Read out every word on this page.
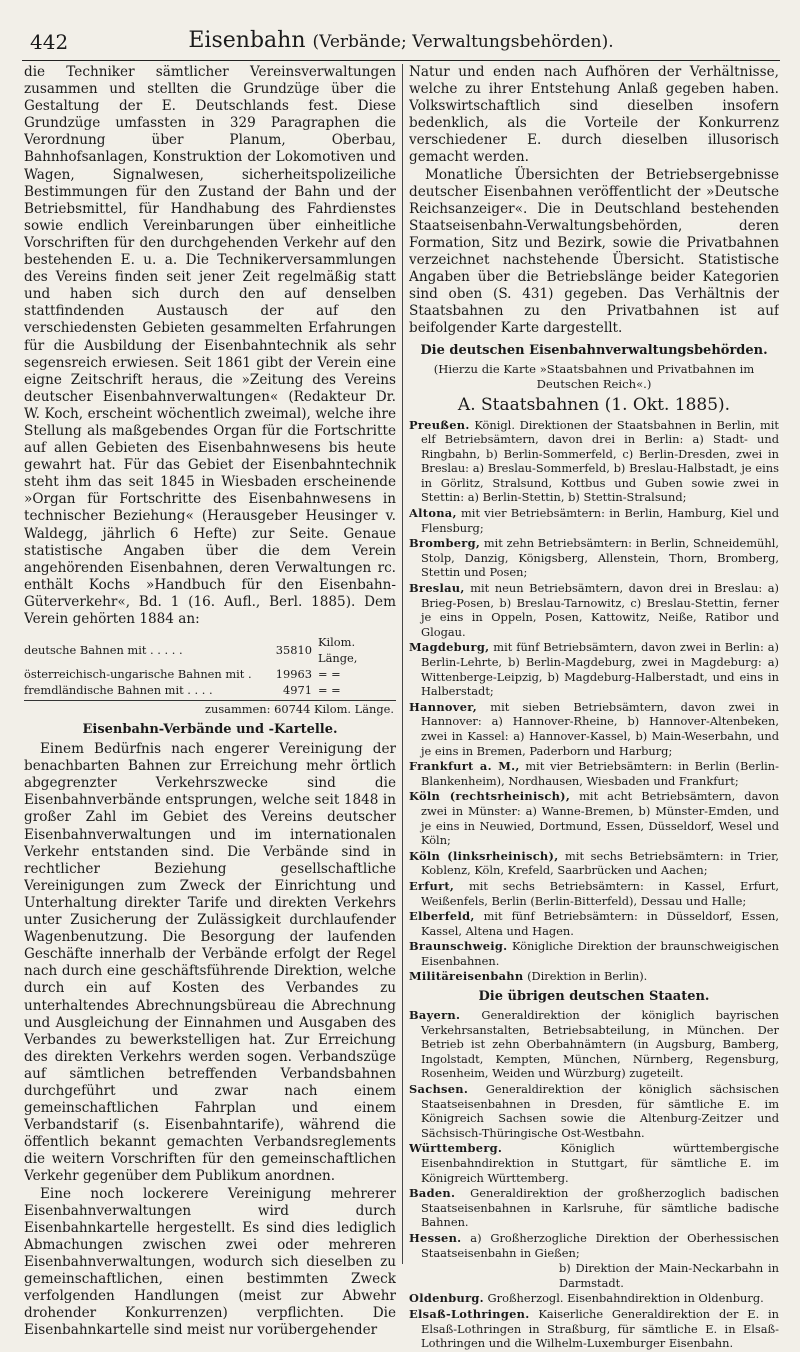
442	Eisenbahn (Verbände; Verwaltungsbehörden).

die Techniker sämtlicher Vereinsverwaltungen zusammen und stellten die Grundzüge über die Gestaltung der E. Deutschlands fest. Diese Grundzüge umfassten in 329 Paragraphen die Verordnung über Planum, Oberbau, Bahnhofsanlagen, Konstruktion der Lokomotiven und Wagen, Signalwesen, sicherheitspolizeiliche Bestimmungen für den Zustand der Bahn und der Betriebsmittel, für Handhabung des Fahrdienstes sowie endlich Vereinbarungen über einheitliche Vorschriften für den durchgehenden Verkehr auf den bestehenden E. u. a. Die Technikerversammlungen des Vereins finden seit jener Zeit regelmäßig statt und haben sich durch den auf denselben stattfindenden Austausch der auf den verschiedensten Gebieten gesammelten Erfahrungen für die Ausbildung der Eisenbahntechnik als sehr segensreich erwiesen. Seit 1861 gibt der Verein eine eigne Zeitschrift heraus, die »Zeitung des Vereins deutscher Eisenbahnverwaltungen« (Redakteur Dr. W. Koch, erscheint wöchentlich zweimal), welche ihre Stellung als maßgebendes Organ für die Fortschritte auf allen Gebieten des Eisenbahnwesens bis heute gewahrt hat. Für das Gebiet der Eisenbahntechnik steht ihm das seit 1845 in Wiesbaden erscheinende »Organ für Fortschritte des Eisenbahnwesens in technischer Beziehung« (Herausgeber Heusinger v. Waldegg, jährlich 6 Hefte) zur Seite. Genaue statistische Angaben über die dem Verein angehörenden Eisenbahnen, deren Verwaltungen rc. enthält Kochs »Handbuch für den Eisenbahn-Güterverkehr«, Bd. 1 (16. Aufl., Berl. 1885). Dem Verein gehörten 1884 an:

deutsche Bahnen mit . . . . .	35810	Kilom. Länge,
österreichisch-ungarische Bahnen mit .	19963	= =
fremdländische Bahnen mit . . . .	4971	= =
zusammen: 60744 Kilom. Länge.
Eisenbahn-Verbände und -Kartelle.

Einem Bedürfnis nach engerer Vereinigung der benachbarten Bahnen zur Erreichung mehr örtlich abgegrenzter Verkehrszwecke sind die Eisenbahnverbände entsprungen, welche seit 1848 in großer Zahl im Gebiet des Vereins deutscher Eisenbahnverwaltungen und im internationalen Verkehr entstanden sind. Die Verbände sind in rechtlicher Beziehung gesellschaftliche Vereinigungen zum Zweck der Einrichtung und Unterhaltung direkter Tarife und direkten Verkehrs unter Zusicherung der Zulässigkeit durchlaufender Wagenbenutzung. Die Besorgung der laufenden Geschäfte innerhalb der Verbände erfolgt der Regel nach durch eine geschäftsführende Direktion, welche durch ein auf Kosten des Verbandes zu unterhaltendes Abrechnungsbüreau die Abrechnung und Ausgleichung der Einnahmen und Ausgaben des Verbandes zu bewerkstelligen hat. Zur Erreichung des direkten Verkehrs werden sogen. Verbandszüge auf sämtlichen betreffenden Verbandsbahnen durchgeführt und zwar nach einem gemeinschaftlichen Fahrplan und einem Verbandstarif (s. Eisenbahntarife), während die öffentlich bekannt gemachten Verbandsreglements die weitern Vorschriften für den gemeinschaftlichen Verkehr gegenüber dem Publikum anordnen.

Eine noch lockerere Vereinigung mehrerer Eisenbahnverwaltungen wird durch Eisenbahnkartelle hergestellt. Es sind dies lediglich Abmachungen zwischen zwei oder mehreren Eisenbahnverwaltungen, wodurch sich dieselben zu gemeinschaftlichen, einen bestimmten Zweck verfolgenden Handlungen (meist zur Abwehr drohender Konkurrenzen) verpflichten. Die Eisenbahnkartelle sind meist nur vorübergehender

Natur und enden nach Aufhören der Verhältnisse, welche zu ihrer Entstehung Anlaß gegeben haben. Volkswirtschaftlich sind dieselben insofern bedenklich, als die Vorteile der Konkurrenz verschiedener E. durch dieselben illusorisch gemacht werden.

Monatliche Übersichten der Betriebsergebnisse deutscher Eisenbahnen veröffentlicht der »Deutsche Reichsanzeiger«. Die in Deutschland bestehenden Staatseisenbahn-Verwaltungsbehörden, deren Formation, Sitz und Bezirk, sowie die Privatbahnen verzeichnet nachstehende Übersicht. Statistische Angaben über die Betriebslänge beider Kategorien sind oben (S. 431) gegeben. Das Verhältnis der Staatsbahnen zu den Privatbahnen ist auf beifolgender Karte dargestellt.

Die deutschen Eisenbahnverwaltungsbehörden.
(Hierzu die Karte »Staatsbahnen und Privatbahnen im Deutschen Reich«.)
A. Staatsbahnen (1. Okt. 1885).

Preußen. Königl. Direktionen der Staatsbahnen in Berlin, mit elf Betriebsämtern, davon drei in Berlin: a) Stadt- und Ringbahn, b) Berlin-Sommerfeld, c) Berlin-Dresden, zwei in Breslau: a) Breslau-Sommerfeld, b) Breslau-Halbstadt, je eins in Görlitz, Stralsund, Kottbus und Guben sowie zwei in Stettin: a) Berlin-Stettin, b) Stettin-Stralsund;

Altona, mit vier Betriebsämtern: in Berlin, Hamburg, Kiel und Flensburg;

Bromberg, mit zehn Betriebsämtern: in Berlin, Schneidemühl, Stolp, Danzig, Königsberg, Allenstein, Thorn, Bromberg, Stettin und Posen;

Breslau, mit neun Betriebsämtern, davon drei in Breslau: a) Brieg-Posen, b) Breslau-Tarnowitz, c) Breslau-Stettin, ferner je eins in Oppeln, Posen, Kattowitz, Neiße, Ratibor und Glogau.

Magdeburg, mit fünf Betriebsämtern, davon zwei in Berlin: a) Berlin-Lehrte, b) Berlin-Magdeburg, zwei in Magdeburg: a) Wittenberge-Leipzig, b) Magdeburg-Halberstadt, und eins in Halberstadt;

Hannover, mit sieben Betriebsämtern, davon zwei in Hannover: a) Hannover-Rheine, b) Hannover-Altenbeken, zwei in Kassel: a) Hannover-Kassel, b) Main-Weserbahn, und je eins in Bremen, Paderborn und Harburg;

Frankfurt a. M., mit vier Betriebsämtern: in Berlin (Berlin-Blankenheim), Nordhausen, Wiesbaden und Frankfurt;

Köln (rechtsrheinisch), mit acht Betriebsämtern, davon zwei in Münster: a) Wanne-Bremen, b) Münster-Emden, und je eins in Neuwied, Dortmund, Essen, Düsseldorf, Wesel und Köln;

Köln (linksrheinisch), mit sechs Betriebsämtern: in Trier, Koblenz, Köln, Krefeld, Saarbrücken und Aachen;

Erfurt, mit sechs Betriebsämtern: in Kassel, Erfurt, Weißenfels, Berlin (Berlin-Bitterfeld), Dessau und Halle;

Elberfeld, mit fünf Betriebsämtern: in Düsseldorf, Essen, Kassel, Altena und Hagen.

Braunschweig. Königliche Direktion der braunschweigischen Eisenbahnen.

Militäreisenbahn (Direktion in Berlin).

Die übrigen deutschen Staaten.

Bayern. Generaldirektion der königlich bayrischen Verkehrsanstalten, Betriebsabteilung, in München. Der Betrieb ist zehn Oberbahnämtern (in Augsburg, Bamberg, Ingolstadt, Kempten, München, Nürnberg, Regensburg, Rosenheim, Weiden und Würzburg) zugeteilt.

Sachsen. Generaldirektion der königlich sächsischen Staatseisenbahnen in Dresden, für sämtliche E. im Königreich Sachsen sowie die Altenburg-Zeitzer und Sächsisch-Thüringische Ost-Westbahn.

Württemberg. Königlich württembergische Eisenbahndirektion in Stuttgart, für sämtliche E. im Königreich Württemberg.

Baden. Generaldirektion der großherzoglich badischen Staatseisenbahnen in Karlsruhe, für sämtliche badische Bahnen.

Hessen. a) Großherzogliche Direktion der Oberhessischen Staatseisenbahn in Gießen;

b) Direktion der Main-Neckarbahn in Darmstadt.

Oldenburg. Großherzogl. Eisenbahndirektion in Oldenburg.

Elsaß-Lothringen. Kaiserliche Generaldirektion der E. in Elsaß-Lothringen in Straßburg, für sämtliche E. in Elsaß-Lothringen und die Wilhelm-Luxemburger Eisenbahn.
